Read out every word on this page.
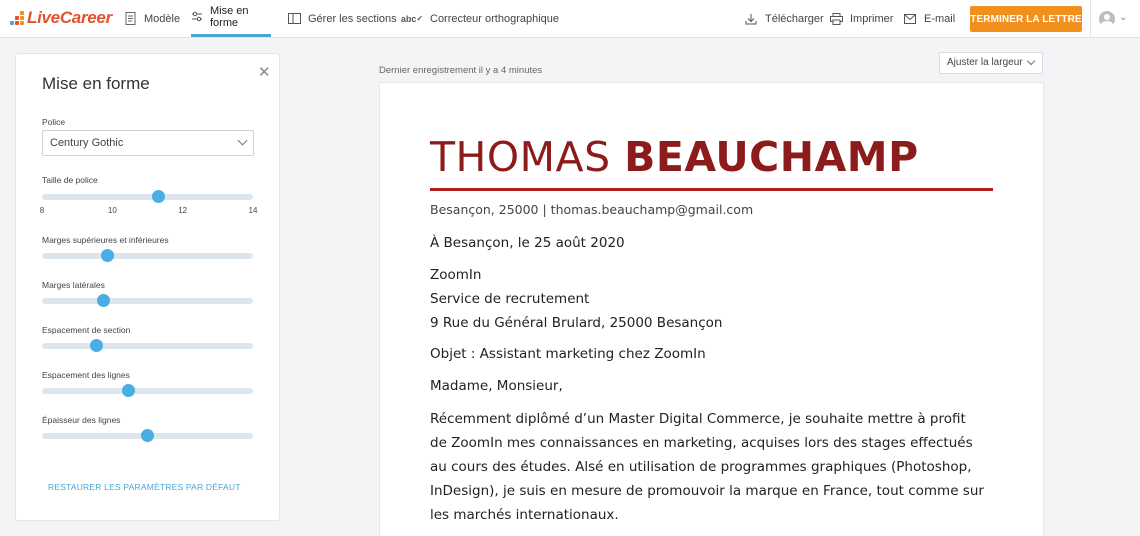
LiveCareer	Modèle
Mise en forme	Gérer les sections abc ✓ Correcteur orthographique	Télécharger Imprimer	E-mail TERMINER LA LETTRE	⌄
Mise en forme
✕
Police
Century Gothic
Taille de police
8	10	12	14
Marges supérieures et inférieures
Marges latérales
Espacement de section
Espacement des lignes
Épaisseur des lignes
RESTAURER LES PARAMÈTRES PAR DÉFAUT
Dernier enregistrement il y a 4 minutes
Ajuster la largeur
THOMAS BEAUCHAMP
Besançon, 25000 | thomas.beauchamp@gmail.com
À Besançon, le 25 août 2020
ZoomIn
Service de recrutement
9 Rue du Général Brulard, 25000 Besançon
Objet : Assistant marketing chez ZoomIn
Madame, Monsieur,
Récemment diplômé d’un Master Digital Commerce, je souhaite mettre à profit
de ZoomIn mes connaissances en marketing, acquises lors des stages effectués
au cours des études. Alsé en utilisation de programmes graphiques (Photoshop,
InDesign), je suis en mesure de promouvoir la marque en France, tout comme sur
les marchés internationaux.
